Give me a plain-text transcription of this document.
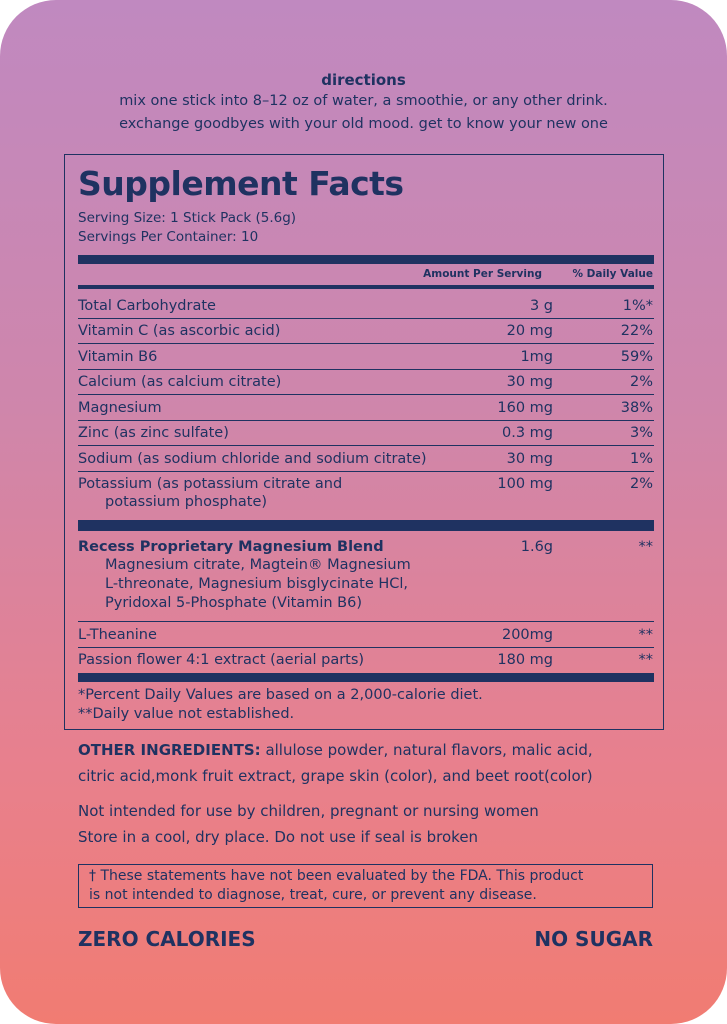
directions
mix one stick into 8–12 oz of water, a smoothie, or any other drink.
exchange goodbyes with your old mood. get to know your new one
Supplement Facts
Serving Size: 1 Stick Pack (5.6g)
Servings Per Container: 10
Amount Per Serving	% Daily Value
Total Carbohydrate	3 g	1%*
Vitamin C (as ascorbic acid)	20 mg	22%
Vitamin B6	1mg	59%
Calcium (as calcium citrate)	30 mg	2%
Magnesium	160 mg	38%
Zinc (as zinc sulfate)	0.3 mg	3%
Sodium (as sodium chloride and sodium citrate)	30 mg	1%
Potassium (as potassium citrate and
potassium phosphate)
100 mg	2%
Recess Proprietary Magnesium Blend	1.6g	**
Magnesium citrate, Magtein® Magnesium
L-threonate, Magnesium bisglycinate HCl,
Pyridoxal 5-Phosphate (Vitamin B6)
L-Theanine	200mg	**
Passion flower 4:1 extract (aerial parts)	180 mg	**
*Percent Daily Values are based on a 2,000-calorie diet.
**Daily value not established.
OTHER INGREDIENTS: allulose powder, natural flavors, malic acid,
citric acid,monk fruit extract, grape skin (color), and beet root(color)
Not intended for use by children, pregnant or nursing women
Store in a cool, dry place. Do not use if seal is broken
† These statements have not been evaluated by the FDA. This product
is not intended to diagnose, treat, cure, or prevent any disease.
ZERO CALORIES	NO SUGAR
